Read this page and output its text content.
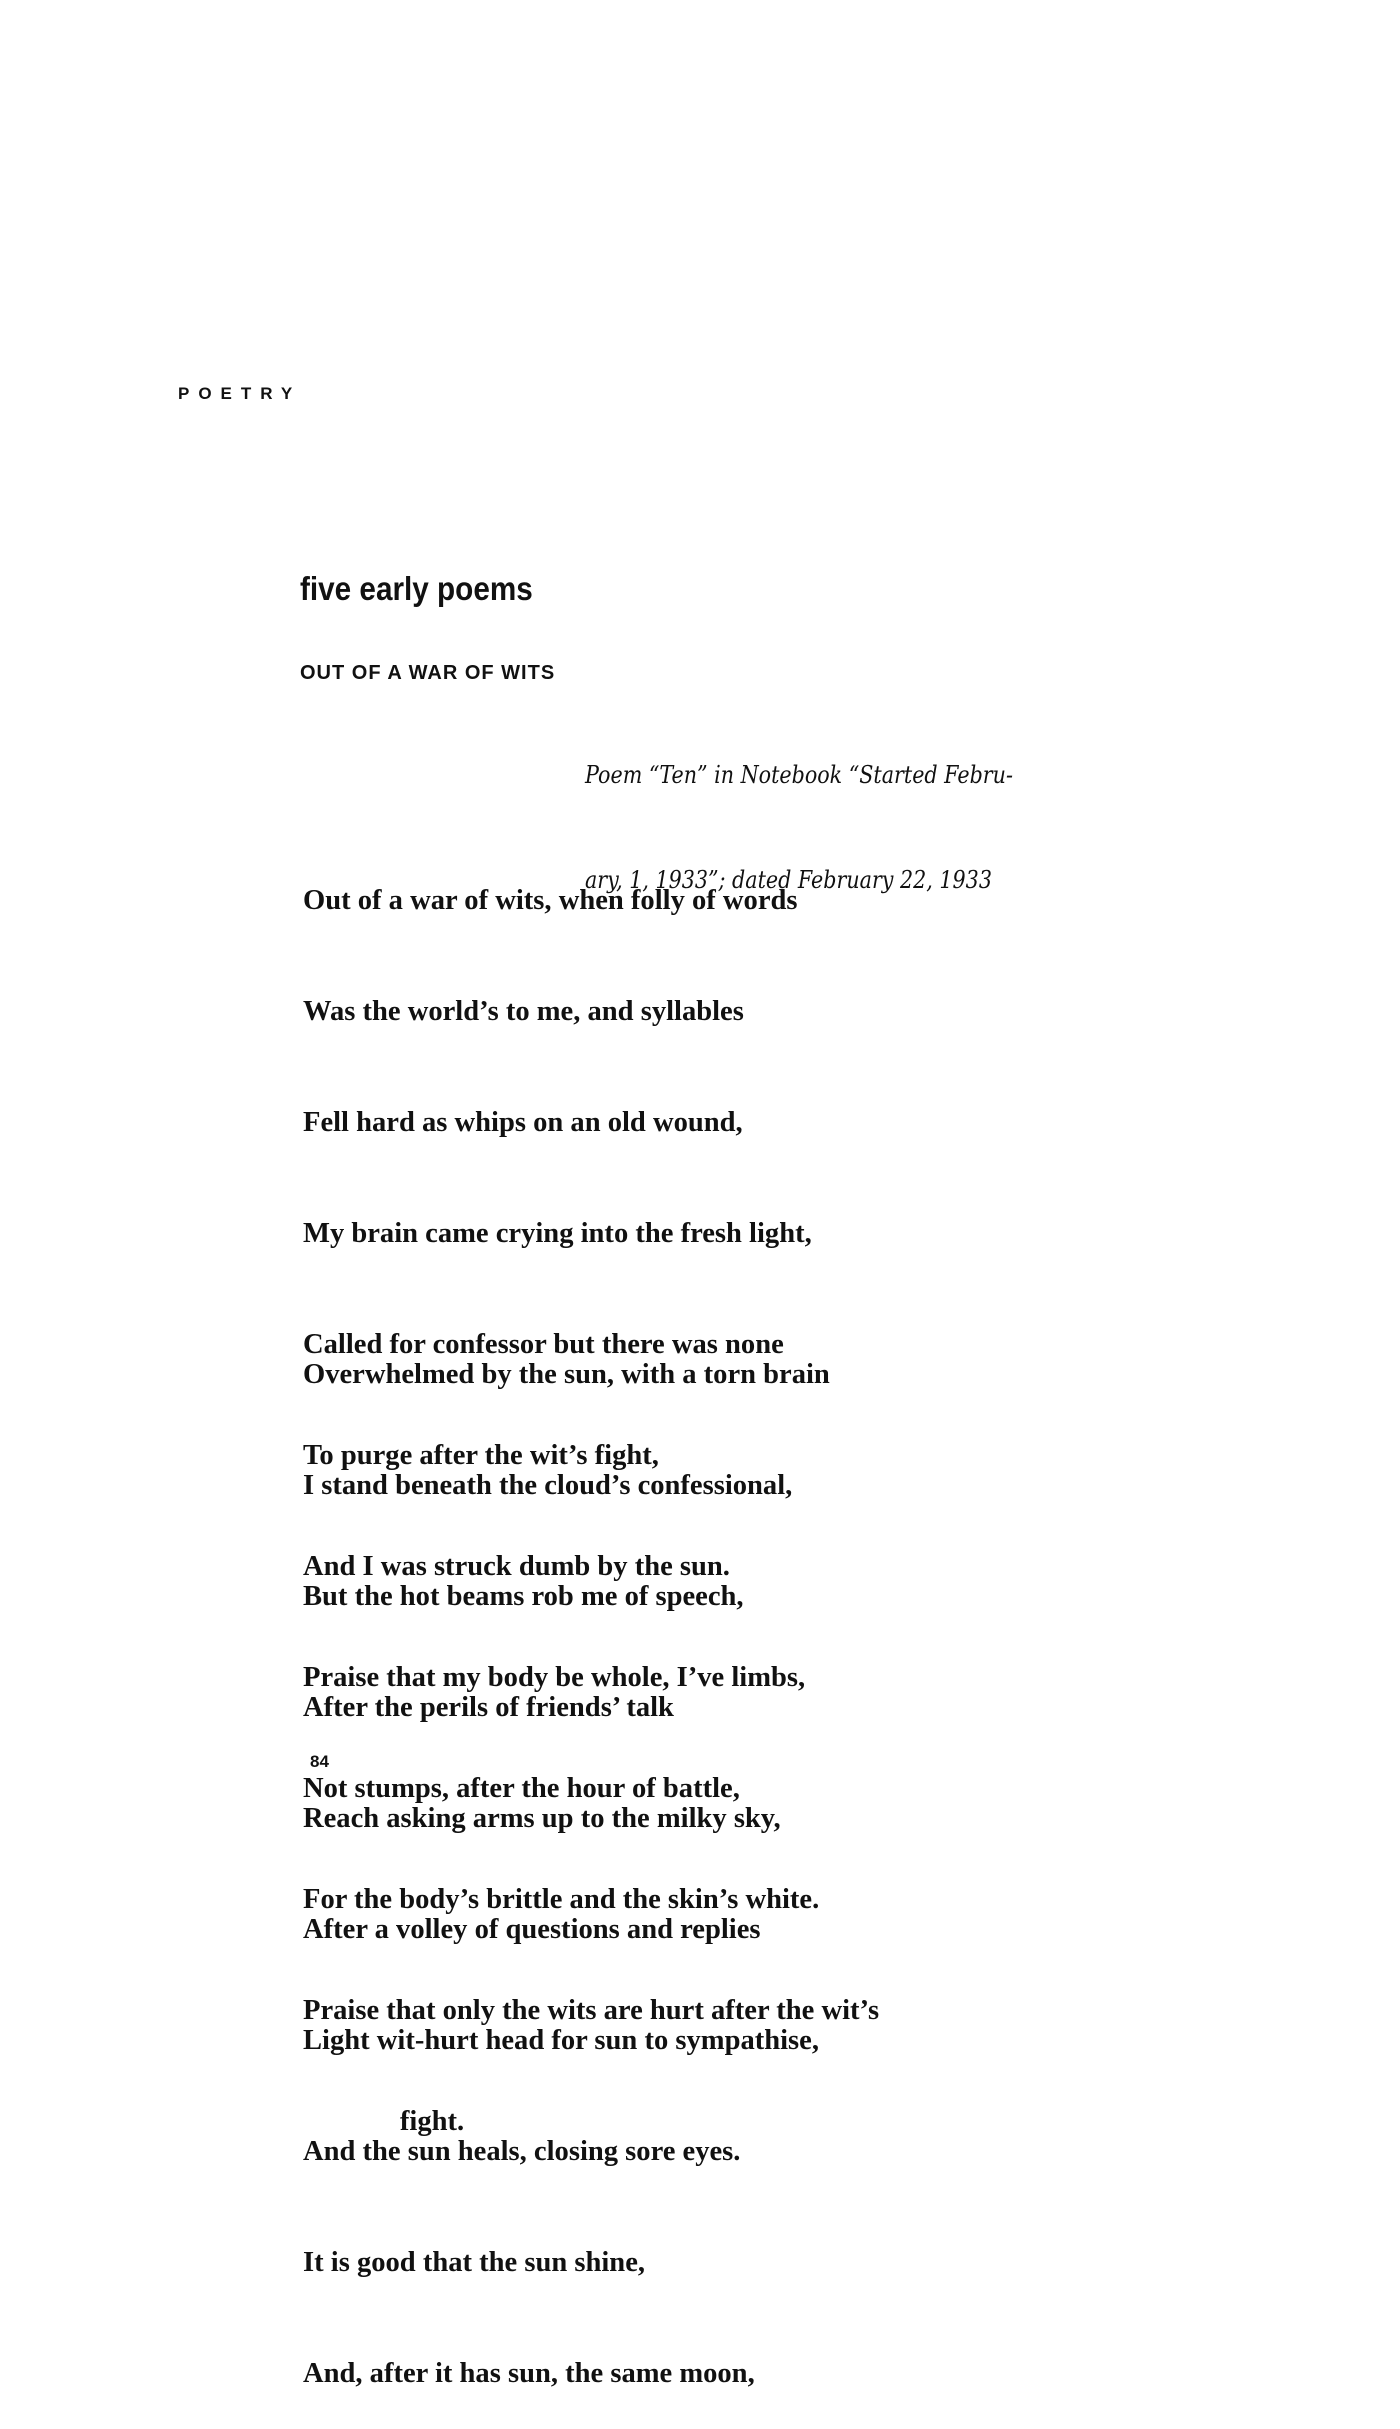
POETRY
five early poems
OUT OF A WAR OF WITS

Poem “Ten” in Notebook “Started Febru-

ary, 1, 1933”; dated February 22, 1933

Out of a war of wits, when folly of words

Was the world’s to me, and syllables

Fell hard as whips on an old wound,

My brain came crying into the fresh light,

Called for confessor but there was none

To purge after the wit’s fight,

And I was struck dumb by the sun.

Praise that my body be whole, I’ve limbs,

Not stumps, after the hour of battle,

For the body’s brittle and the skin’s white.

Praise that only the wits are hurt after the wit’s

fight.

Overwhelmed by the sun, with a torn brain

I stand beneath the cloud’s confessional,

But the hot beams rob me of speech,

After the perils of friends’ talk

Reach asking arms up to the milky sky,

After a volley of questions and replies

Light wit-hurt head for sun to sympathise,

And the sun heals, closing sore eyes.

It is good that the sun shine,

And, after it has sun, the same moon,

84
